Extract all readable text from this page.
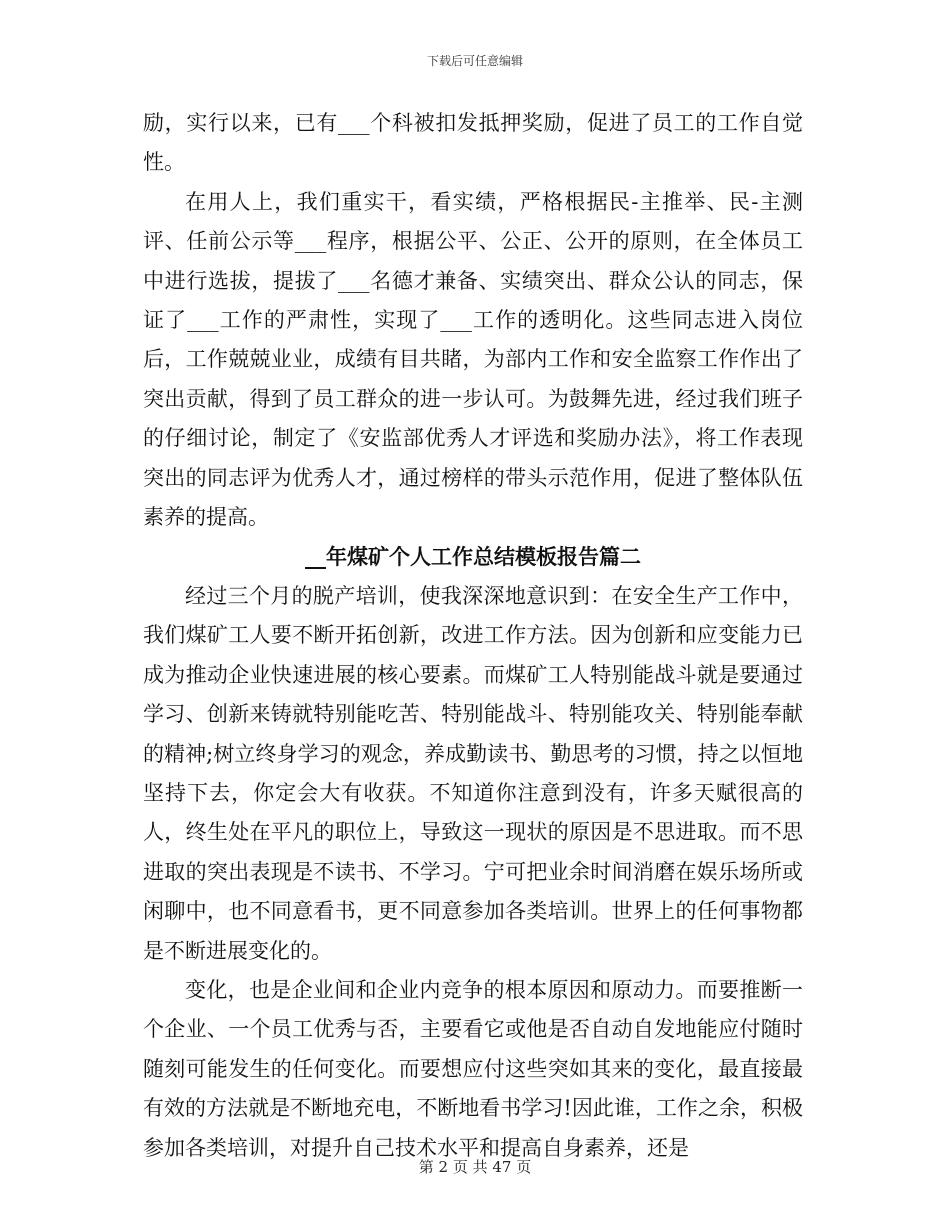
下载后可任意编辑

励，实行以来，已有___个科被扣发抵押奖励，促进了员工的工作自觉性。

在用人上，我们重实干，看实绩，严格根据民-主推举、民-主测评、任前公示等___程序，根据公平、公正、公开的原则，在全体员工中进行选拔，提拔了___名德才兼备、实绩突出、群众公认的同志，保证了___工作的严肃性，实现了___工作的透明化。这些同志进入岗位后，工作兢兢业业，成绩有目共睹，为部内工作和安全监察工作作出了突出贡献，得到了员工群众的进一步认可。为鼓舞先进，经过我们班子的仔细讨论，制定了《安监部优秀人才评选和奖励办法》，将工作表现突出的同志评为优秀人才，通过榜样的带头示范作用，促进了整体队伍素养的提高。

__年煤矿个人工作总结模板报告篇二

经过三个月的脱产培训，使我深深地意识到：在安全生产工作中，我们煤矿工人要不断开拓创新，改进工作方法。因为创新和应变能力已成为推动企业快速进展的核心要素。而煤矿工人特别能战斗就是要通过学习、创新来铸就特别能吃苦、特别能战斗、特别能攻关、特别能奉献的精神;树立终身学习的观念，养成勤读书、勤思考的习惯，持之以恒地坚持下去，你定会大有收获。不知道你注意到没有，许多天赋很高的人，终生处在平凡的职位上，导致这一现状的原因是不思进取。而不思进取的突出表现是不读书、不学习。宁可把业余时间消磨在娱乐场所或闲聊中，也不同意看书，更不同意参加各类培训。世界上的任何事物都是不断进展变化的。

变化，也是企业间和企业内竞争的根本原因和原动力。而要推断一个企业、一个员工优秀与否，主要看它或他是否自动自发地能应付随时随刻可能发生的任何变化。而要想应付这些突如其来的变化，最直接最有效的方法就是不断地充电，不断地看书学习!因此谁，工作之余，积极参加各类培训，对提升自己技术水平和提高自身素养，还是

第 2 页 共 47 页
